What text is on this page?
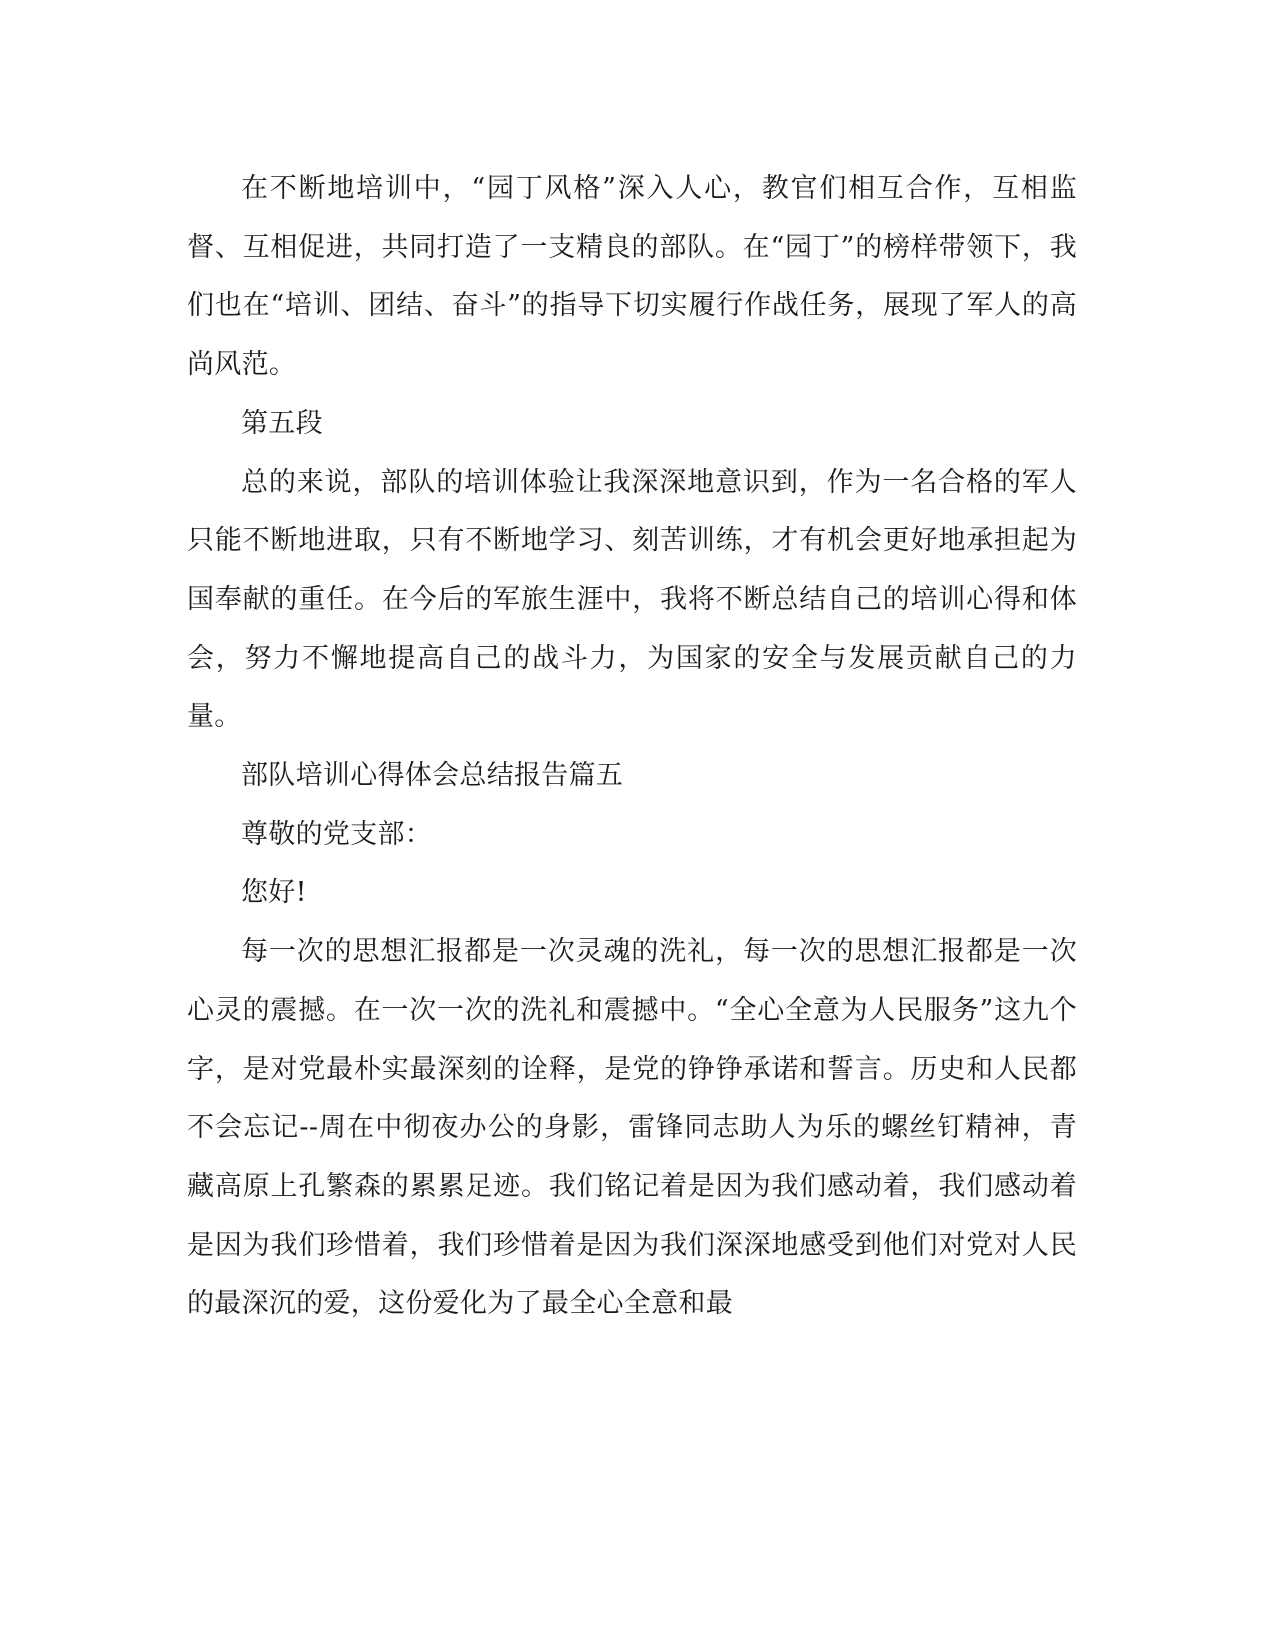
在不断地培训中，“园丁风格”深入人心，教官们相互合作，互相监督、互相促进，共同打造了一支精良的部队。在“园丁”的榜样带领下，我们也在“培训、团结、奋斗”的指导下切实履行作战任务，展现了军人的高尚风范。

第五段

总的来说，部队的培训体验让我深深地意识到，作为一名合格的军人只能不断地进取，只有不断地学习、刻苦训练，才有机会更好地承担起为国奉献的重任。在今后的军旅生涯中，我将不断总结自己的培训心得和体会，努力不懈地提高自己的战斗力，为国家的安全与发展贡献自己的力量。

部队培训心得体会总结报告篇五

尊敬的党支部：

您好!

每一次的思想汇报都是一次灵魂的洗礼，每一次的思想汇报都是一次心灵的震撼。在一次一次的洗礼和震撼中。“全心全意为人民服务”这九个字，是对党最朴实最深刻的诠释，是党的铮铮承诺和誓言。历史和人民都不会忘记--周在中彻夜办公的身影，雷锋同志助人为乐的螺丝钉精神，青藏高原上孔繁森的累累足迹。我们铭记着是因为我们感动着，我们感动着是因为我们珍惜着，我们珍惜着是因为我们深深地感受到他们对党对人民的最深沉的爱，这份爱化为了最全心全意和最
